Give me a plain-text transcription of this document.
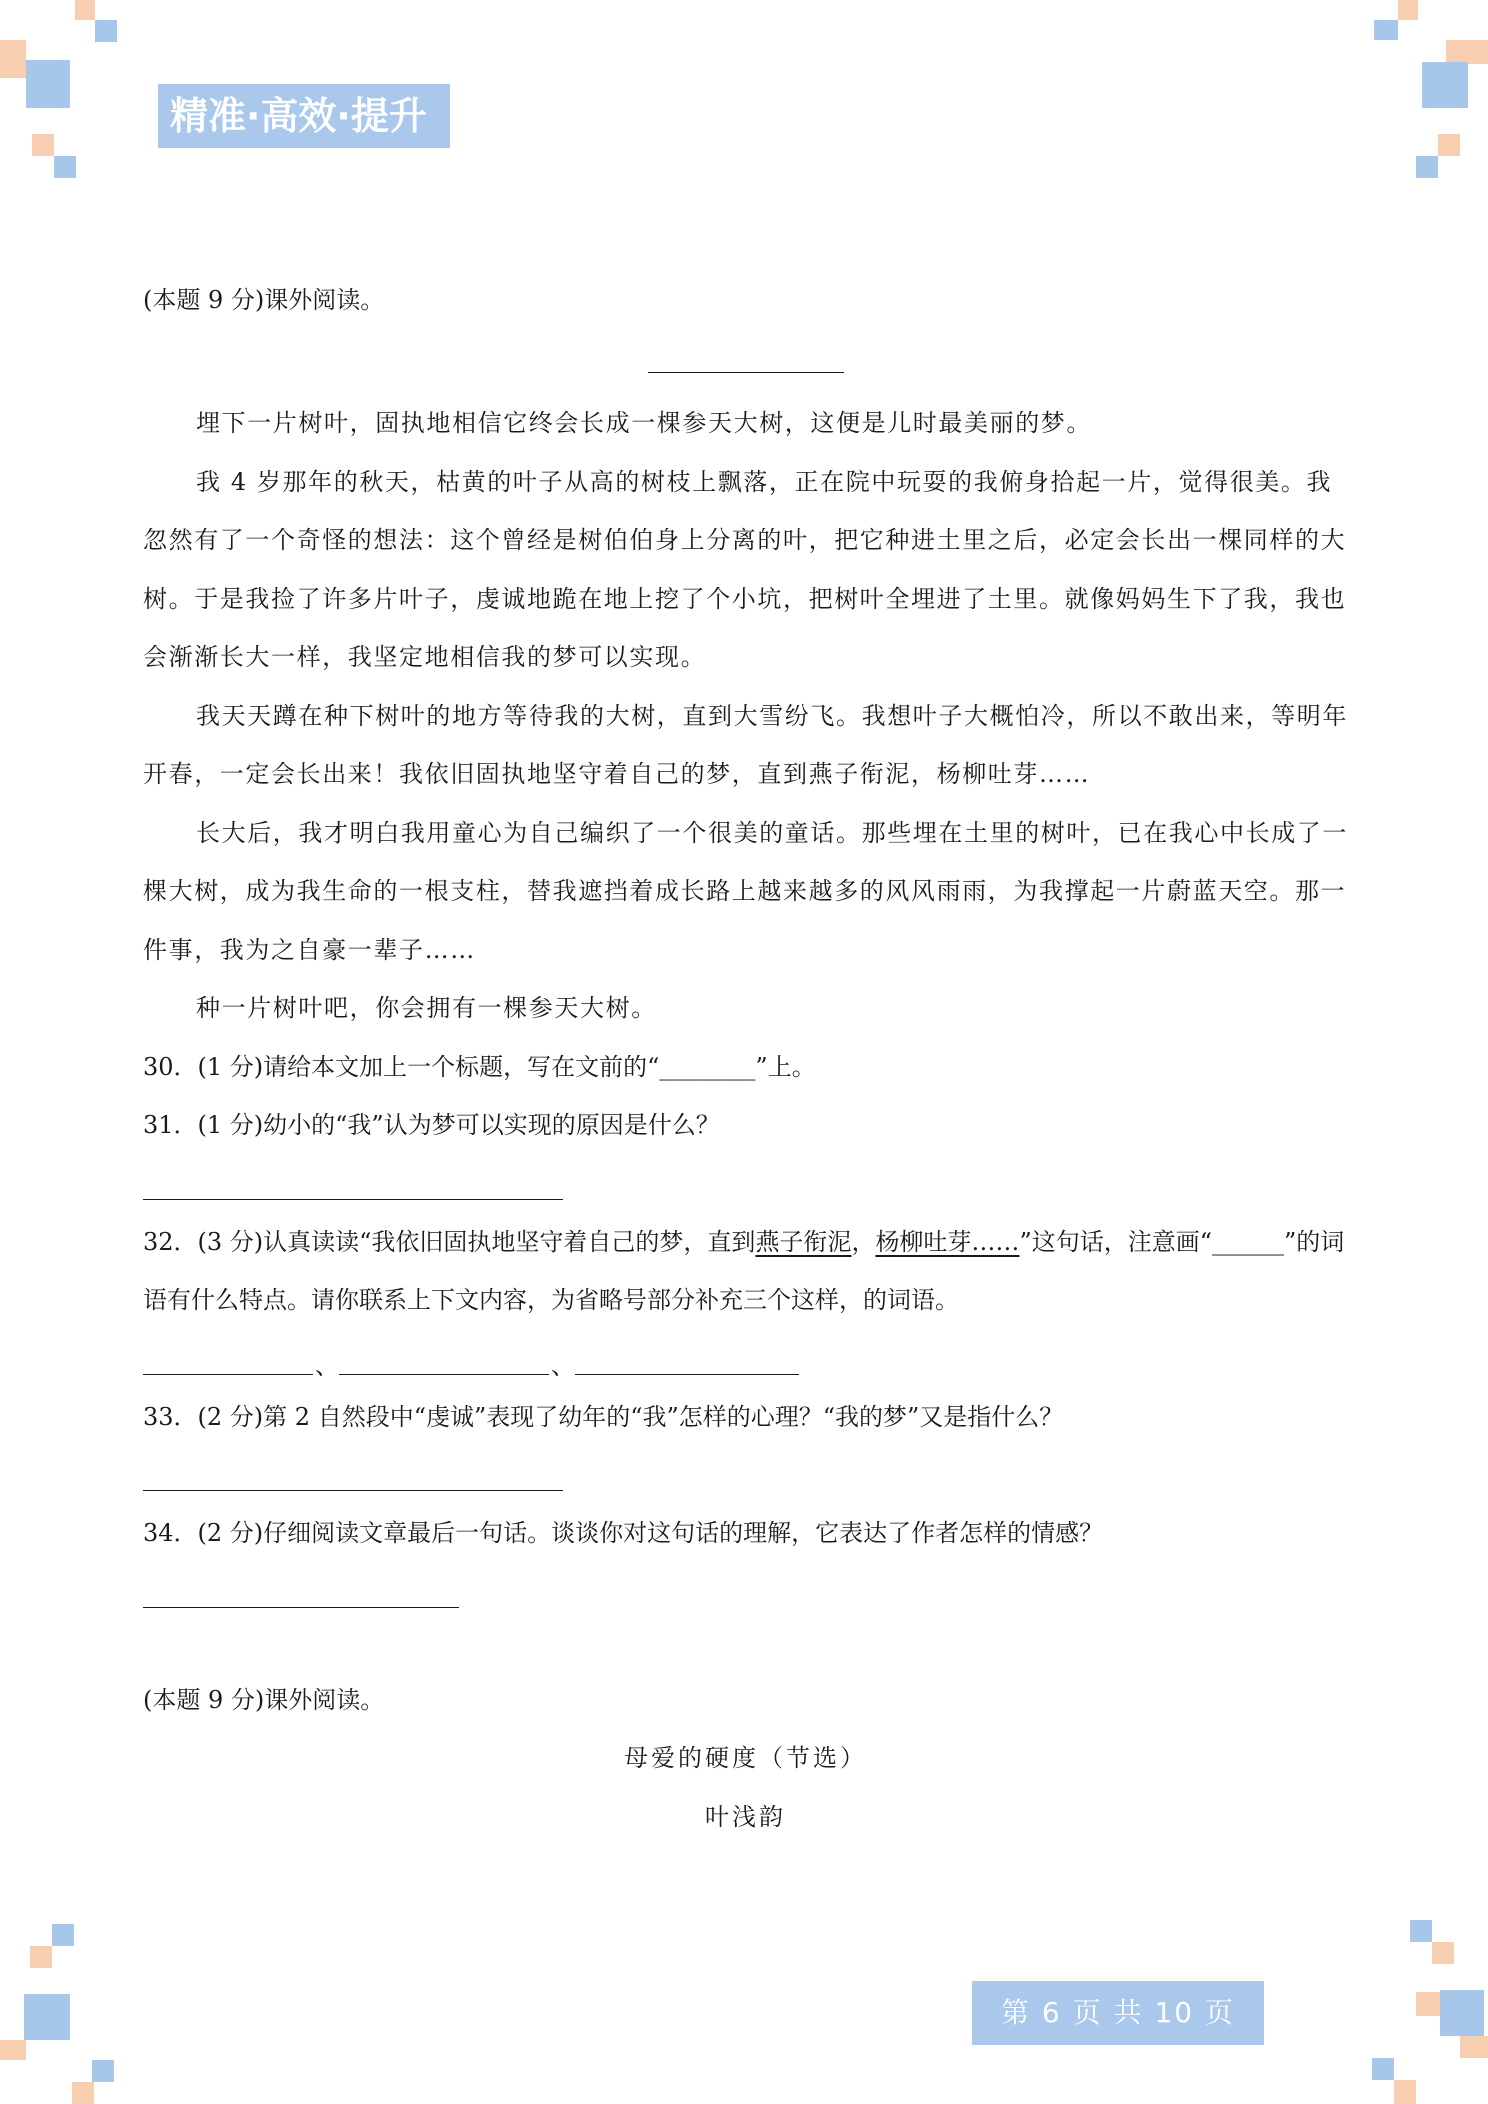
精准·高效·提升

(本题 9 分)课外阅读。

埋下一片树叶，固执地相信它终会长成一棵参天大树，这便是儿时最美丽的梦。

我 4 岁那年的秋天，枯黄的叶子从高的树枝上飘落，正在院中玩耍的我俯身拾起一片，觉得很美。我忽然有了一个奇怪的想法：这个曾经是树伯伯身上分离的叶，把它种进土里之后，必定会长出一棵同样的大树。于是我捡了许多片叶子，虔诚地跪在地上挖了个小坑，把树叶全埋进了土里。就像妈妈生下了我，我也会渐渐长大一样，我坚定地相信我的梦可以实现。

我天天蹲在种下树叶的地方等待我的大树，直到大雪纷飞。我想叶子大概怕冷，所以不敢出来，等明年开春，一定会长出来！我依旧固执地坚守着自己的梦，直到燕子衔泥，杨柳吐芽……

长大后，我才明白我用童心为自己编织了一个很美的童话。那些埋在土里的树叶，已在我心中长成了一棵大树，成为我生命的一根支柱，替我遮挡着成长路上越来越多的风风雨雨，为我撑起一片蔚蓝天空。那一件事，我为之自豪一辈子……

种一片树叶吧，你会拥有一棵参天大树。

30．(1 分)请给本文加上一个标题，写在文前的“________”上。

31．(1 分)幼小的“我”认为梦可以实现的原因是什么？

32．(3 分)认真读读“我依旧固执地坚守着自己的梦，直到燕子衔泥，杨柳吐芽……”这句话，注意画“______”的词语有什么特点。请你联系上下文内容，为省略号部分补充三个这样，的词语。

、	、

33．(2 分)第 2 自然段中“虔诚”表现了幼年的“我”怎样的心理？“我的梦”又是指什么？

34．(2 分)仔细阅读文章最后一句话。谈谈你对这句话的理解，它表达了作者怎样的情感？

(本题 9 分)课外阅读。

母爱的硬度（节选）

叶浅韵

第 6 页 共 10 页
